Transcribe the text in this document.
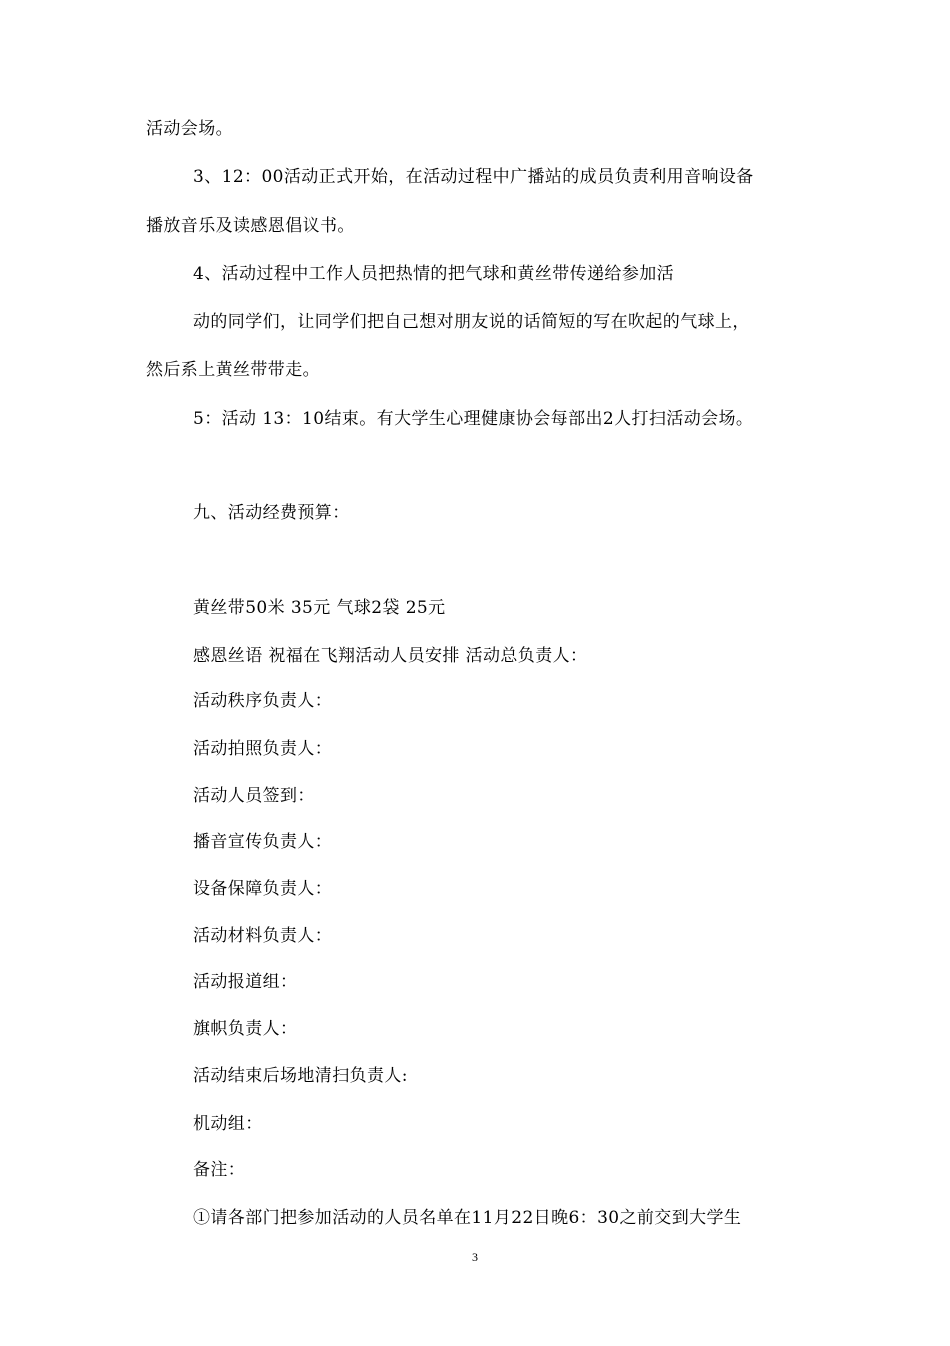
活动会场。
3、12：00活动正式开始，在活动过程中广播站的成员负责利用音响设备
播放音乐及读感恩倡议书。
4、活动过程中工作人员把热情的把气球和黄丝带传递给参加活
动的同学们，让同学们把自己想对朋友说的话简短的写在吹起的气球上，
然后系上黄丝带带走。
5：活动 13：10结束。有大学生心理健康协会每部出2人打扫活动会场。
九、活动经费预算：
黄丝带50米 35元 气球2袋 25元
感恩丝语 祝福在飞翔活动人员安排 活动总负责人：
活动秩序负责人：
活动拍照负责人：
活动人员签到：
播音宣传负责人：
设备保障负责人：
活动材料负责人：
活动报道组：
旗帜负责人：
活动结束后场地清扫负责人:
机动组：
备注：
①请各部门把参加活动的人员名单在11月22日晚6：30之前交到大学生
3
